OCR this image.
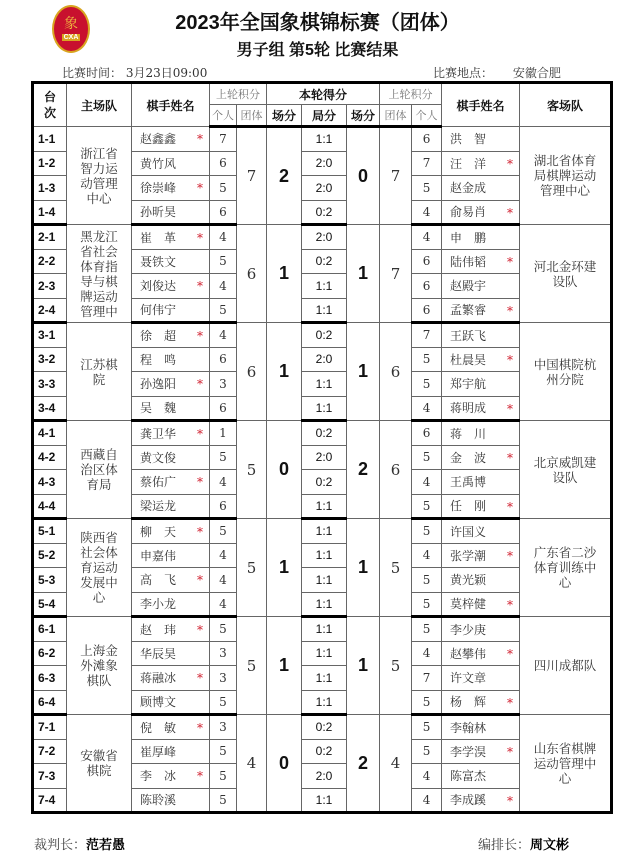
象
CXA
2023年全国象棋锦标赛（团体）
男子组 第5轮 比赛结果
比赛时间： 3月23日09:00	比赛地点： 安徽合肥
台次	主场队	棋手姓名	上轮积分		本轮得分			上轮积分		棋手姓名	客场队
			个人	团体	场分	局分	场分	团体	个人		
1-1	浙江省智力运动管理中心	赵鑫鑫 *	7	7	2	1:1	0	7	6	洪　智	湖北省体育局棋牌运动管理中心
1-2		黄竹风	6			2:0			7	汪　洋 *	

1-3		徐崇峰 *	5			2:0			5	赵金成	

1-4		孙昕昊	6			0:2			4	俞易肖 *	

2-1	黑龙江省社会体育指导与棋牌运动管理中	崔　革 *	4	6	1	2:0	1	7	4	申　鹏	河北金环建设队
2-2		聂铁文	5			0:2			6	陆伟韬 *	

2-3		刘俊达 *	4			1:1			6	赵殿宇	

2-4		何伟宁	5			1:1			6	孟繁睿 *	

3-1	江苏棋院	徐　超 *	4	6	1	0:2	1	6	7	王跃飞	中国棋院杭州分院
3-2		程　鸣	6			2:0			5	杜晨昊 *	

3-3		孙逸阳 *	3			1:1			5	郑宇航	

3-4		吴　魏	6			1:1			4	蒋明成 *	

4-1	西藏自治区体育局	龚卫华 *	1	5	0	0:2	2	6	6	蒋　川	北京威凯建设队
4-2		黄文俊	5			2:0			5	金　波 *	

4-3		蔡佑广 *	4			0:2			4	王禹博	

4-4		梁运龙	6			1:1			5	任　刚 *	

5-1	陕西省社会体育运动发展中心	柳　天 *	5	5	1	1:1	1	5	5	许国义	广东省二沙体育训练中心
5-2		申嘉伟	4			1:1			4	张学潮 *	

5-3		高　飞 *	4			1:1			5	黄光颖	

5-4		李小龙	4			1:1			5	莫梓健 *	

6-1	上海金外滩象棋队	赵　玮 *	5	5	1	1:1	1	5	5	李少庚	四川成都队
6-2		华辰昊	3			1:1			4	赵攀伟 *	

6-3		蒋融冰 *	3			1:1			7	许文章	

6-4		顾博文	5			1:1			5	杨　辉 *	

7-1	安徽省棋院	倪　敏 *	3	4	0	0:2	2	4	5	李翰林	山东省棋牌运动管理中心
7-2		崔厚峰	5			0:2			5	李学淏 *	

7-3		李　冰 *	5			2:0			4	陈富杰	

7-4		陈聆溪	5			1:1			4	李成蹊 *	
裁判长：范若愚	编排长：周文彬
